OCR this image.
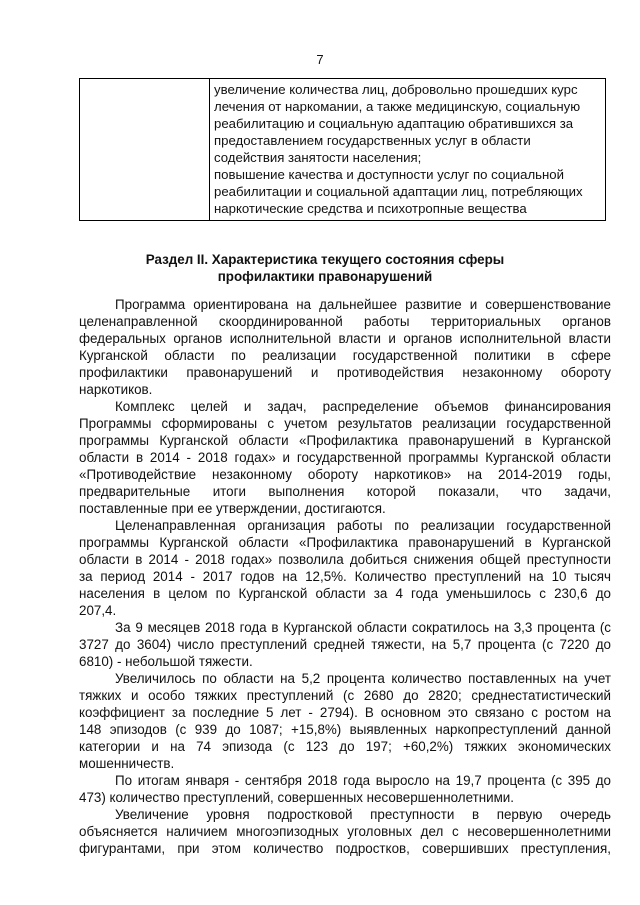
7

увеличение количества лиц, добровольно прошедших курс
лечения от наркомании, а также медицинскую, социальную
реабилитацию и социальную адаптацию обратившихся за
предоставлением государственных услуг в области
содействия занятости населения;
повышение качества и доступности услуг по социальной
реабилитации и социальной адаптации лиц, потребляющих
наркотические средства и психотропные вещества
Раздел II. Характеристика текущего состояния сферы
профилактики правонарушений
Программа ориентирована на дальнейшее развитие и совершенствование
целенаправленной скоординированной работы территориальных органов
федеральных органов исполнительной власти и органов исполнительной власти
Курганской области по реализации государственной политики в сфере
профилактики правонарушений и противодействия незаконному обороту
наркотиков.
Комплекс целей и задач, распределение объемов финансирования
Программы сформированы с учетом результатов реализации государственной
программы Курганской области «Профилактика правонарушений в Курганской
области в 2014 - 2018 годах» и государственной программы Курганской области
«Противодействие незаконному обороту наркотиков» на 2014-2019 годы,
предварительные итоги выполнения которой показали, что задачи,
поставленные при ее утверждении, достигаются.
Целенаправленная организация работы по реализации государственной
программы Курганской области «Профилактика правонарушений в Курганской
области в 2014 - 2018 годах» позволила добиться снижения общей преступности
за период 2014 - 2017 годов на 12,5%. Количество преступлений на 10 тысяч
населения в целом по Курганской области за 4 года уменьшилось с 230,6 до
207,4.
За 9 месяцев 2018 года в Курганской области сократилось на 3,3 процента (с
3727 до 3604) число преступлений средней тяжести, на 5,7 процента (с 7220 до
6810) - небольшой тяжести.
Увеличилось по области на 5,2 процента количество поставленных на учет
тяжких и особо тяжких преступлений (с 2680 до 2820; среднестатистический
коэффициент за последние 5 лет - 2794). В основном это связано с ростом на
148 эпизодов (с 939 до 1087; +15,8%) выявленных наркопреступлений данной
категории и на 74 эпизода (с 123 до 197; +60,2%) тяжких экономических
мошенничеств.
По итогам января - сентября 2018 года выросло на 19,7 процента (с 395 до
473) количество преступлений, совершенных несовершеннолетними.
Увеличение уровня подростковой преступности в первую очередь
объясняется наличием многоэпизодных уголовных дел с несовершеннолетними
фигурантами, при этом количество подростков, совершивших преступления,
